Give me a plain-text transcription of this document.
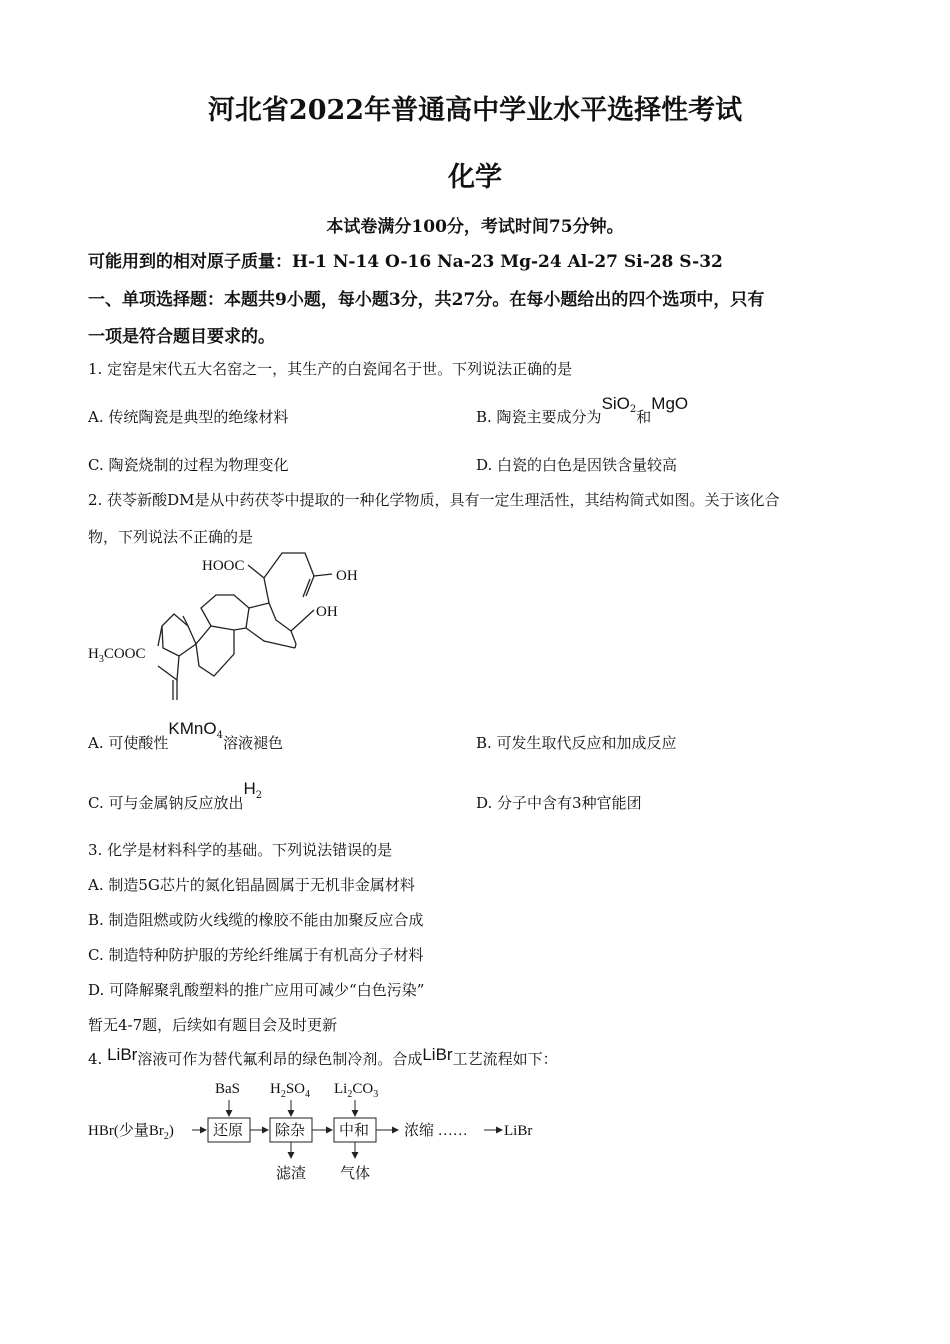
河北省2022年普通高中学业水平选择性考试
化学
本试卷满分100分，考试时间75分钟。
可能用到的相对原子质量：H-1 N-14 O-16 Na-23 Mg-24 Al-27 Si-28 S-32
一、单项选择题：本题共9小题，每小题3分，共27分。在每小题给出的四个选项中，只有
一项是符合题目要求的。
1. 定窑是宋代五大名窑之一，其生产的白瓷闻名于世。下列说法正确的是
A. 传统陶瓷是典型的绝缘材料	B. 陶瓷主要成分为SiO$_2$和MgO
C. 陶瓷烧制的过程为物理变化	D. 白瓷的白色是因铁含量较高
2. 茯苓新酸DM是从中药茯苓中提取的一种化学物质，具有一定生理活性，其结构简式如图。关于该化合
物，下列说法不正确的是
HOOC
OH
OH
$H_3COOC$
A. 可使酸性KMnO$_4$溶液褪色	B. 可发生取代反应和加成反应
C. 可与金属钠反应放出$H_2$	D. 分子中含有3种官能团
3. 化学是材料科学的基础。下列说法错误的是
A. 制造5G芯片的氮化铝晶圆属于无机非金属材料
B. 制造阻燃或防火线缆的橡胶不能由加聚反应合成
C. 制造特种防护服的芳纶纤维属于有机高分子材料
D. 可降解聚乳酸塑料的推广应用可减少“白色污染”
暂无4-7题，后续如有题目会及时更新
4. LiBr溶液可作为替代氟利昂的绿色制冷剂。合成LiBr工艺流程如下：
HBr(少量$Br_2$)
BaS $H_2SO_4$ $Li_2CO_3$
还原 除杂 中和 浓缩 …… LiBr
滤渣 气体
